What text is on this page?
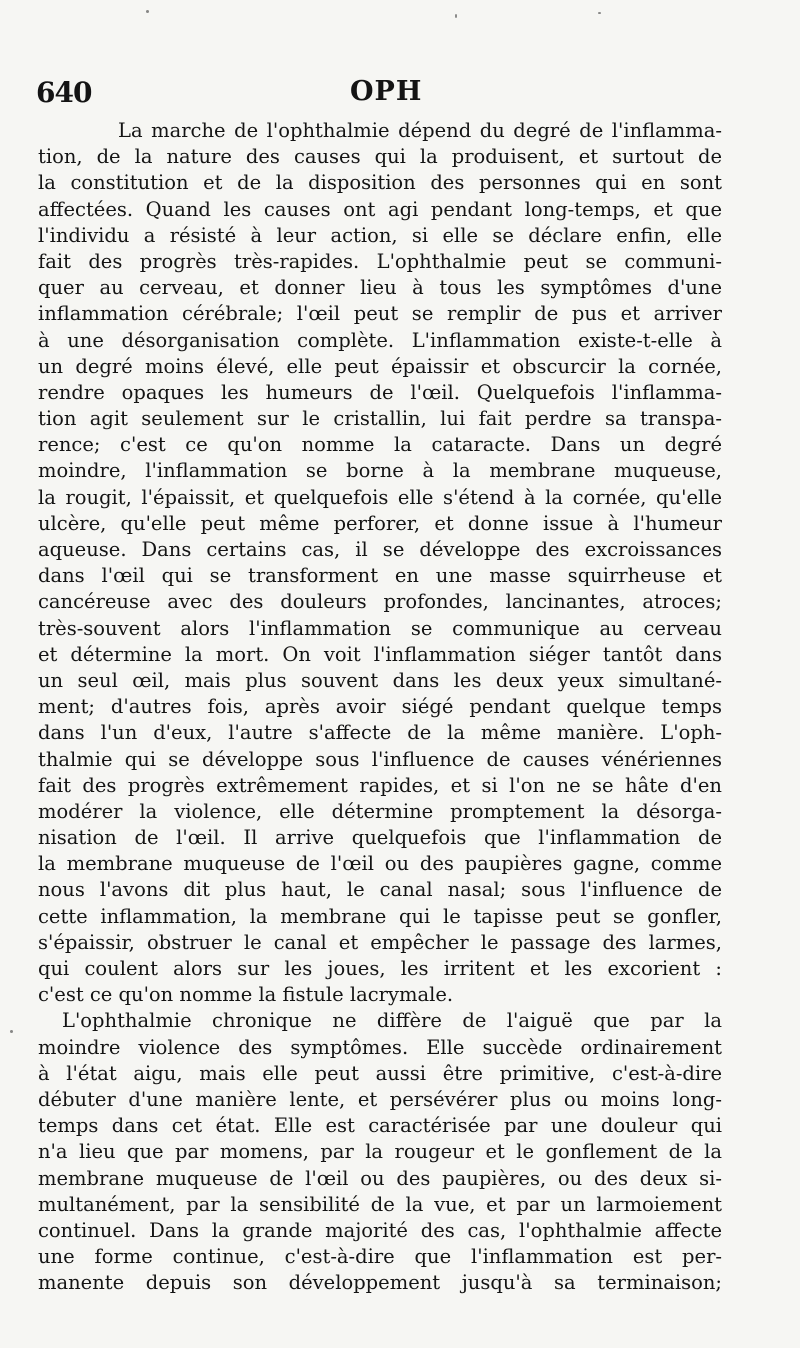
640	OPH
La marche de l'ophthalmie dépend du degré de l'inflamma-
tion, de la nature des causes qui la produisent, et surtout de
la constitution et de la disposition des personnes qui en sont
affectées. Quand les causes ont agi pendant long-temps, et que
l'individu a résisté à leur action, si elle se déclare enfin, elle
fait des progrès très-rapides. L'ophthalmie peut se communi-
quer au cerveau, et donner lieu à tous les symptômes d'une
inflammation cérébrale; l'œil peut se remplir de pus et arriver
à une désorganisation complète. L'inflammation existe-t-elle à
un degré moins élevé, elle peut épaissir et obscurcir la cornée,
rendre opaques les humeurs de l'œil. Quelquefois l'inflamma-
tion agit seulement sur le cristallin, lui fait perdre sa transpa-
rence; c'est ce qu'on nomme la cataracte. Dans un degré
moindre, l'inflammation se borne à la membrane muqueuse,
la rougit, l'épaissit, et quelquefois elle s'étend à la cornée, qu'elle
ulcère, qu'elle peut même perforer, et donne issue à l'humeur
aqueuse. Dans certains cas, il se développe des excroissances
dans l'œil qui se transforment en une masse squirrheuse et
cancéreuse avec des douleurs profondes, lancinantes, atroces;
très-souvent alors l'inflammation se communique au cerveau
et détermine la mort. On voit l'inflammation siéger tantôt dans
un seul œil, mais plus souvent dans les deux yeux simultané-
ment; d'autres fois, après avoir siégé pendant quelque temps
dans l'un d'eux, l'autre s'affecte de la même manière. L'oph-
thalmie qui se développe sous l'influence de causes vénériennes
fait des progrès extrêmement rapides, et si l'on ne se hâte d'en
modérer la violence, elle détermine promptement la désorga-
nisation de l'œil. Il arrive quelquefois que l'inflammation de
la membrane muqueuse de l'œil ou des paupières gagne, comme
nous l'avons dit plus haut, le canal nasal; sous l'influence de
cette inflammation, la membrane qui le tapisse peut se gonfler,
s'épaissir, obstruer le canal et empêcher le passage des larmes,
qui coulent alors sur les joues, les irritent et les excorient :
c'est ce qu'on nomme la fistule lacrymale.
L'ophthalmie chronique ne diffère de l'aiguë que par la
moindre violence des symptômes. Elle succède ordinairement
à l'état aigu, mais elle peut aussi être primitive, c'est-à-dire
débuter d'une manière lente, et persévérer plus ou moins long-
temps dans cet état. Elle est caractérisée par une douleur qui
n'a lieu que par momens, par la rougeur et le gonflement de la
membrane muqueuse de l'œil ou des paupières, ou des deux si-
multanément, par la sensibilité de la vue, et par un larmoiement
continuel. Dans la grande majorité des cas, l'ophthalmie affecte
une forme continue, c'est-à-dire que l'inflammation est per-
manente depuis son développement jusqu'à sa terminaison;
